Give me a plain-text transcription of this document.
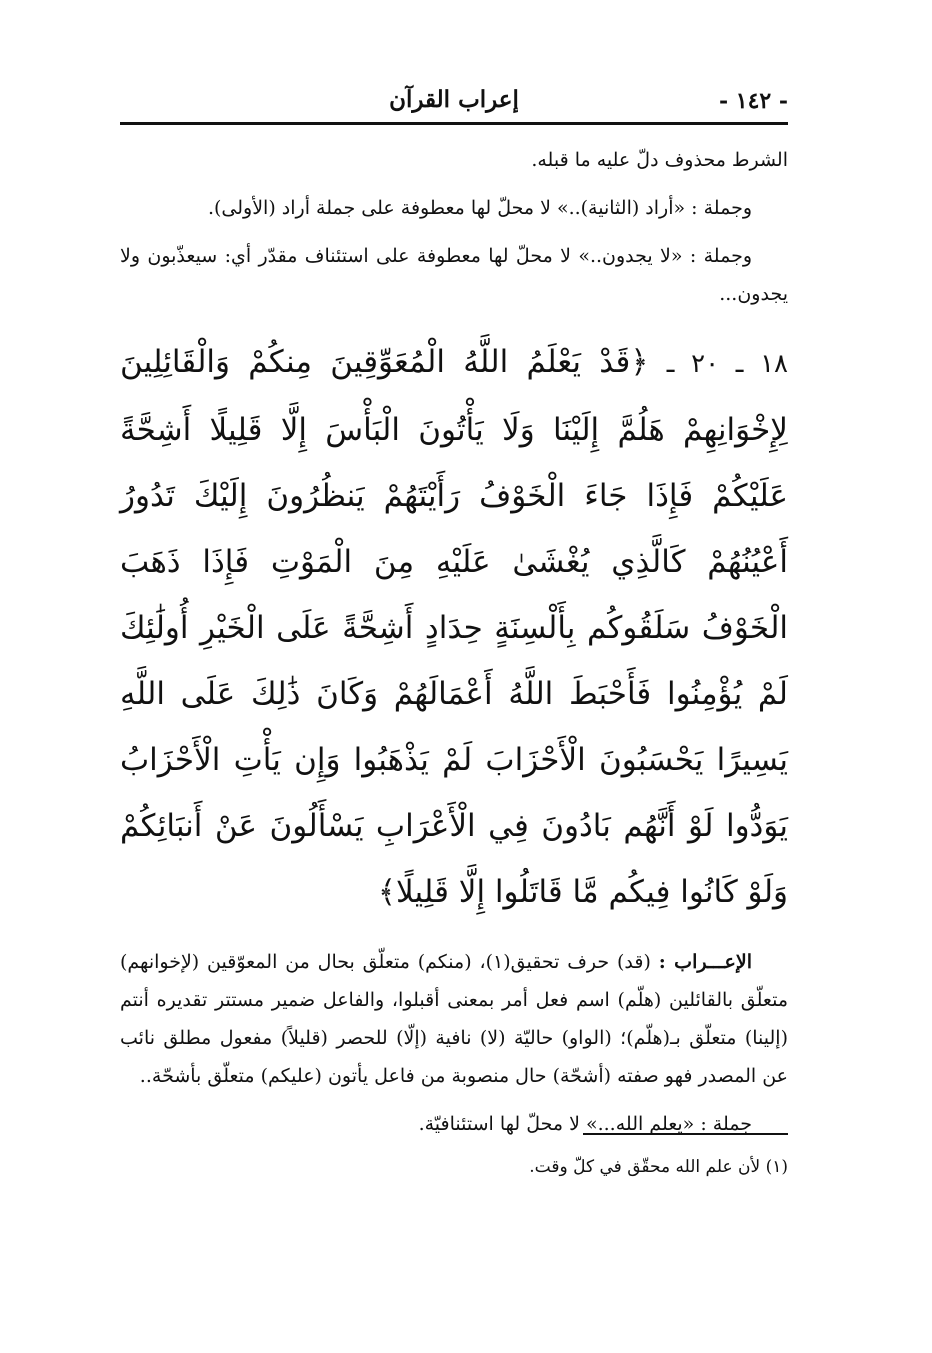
- ١٤٢ -
إعراب القرآن

الشرط محذوف دلّ عليه ما قبله.

وجملة : «أراد (الثانية)..» لا محلّ لها معطوفة على جملة أراد (الأولى).

وجملة : «لا يجدون..» لا محلّ لها معطوفة على استئناف مقدّر أي: سيعذّبون ولا يجدون...

١٨ ـ ٢٠ ـ ﴿قَدْ يَعْلَمُ اللَّهُ الْمُعَوِّقِينَ مِنكُمْ وَالْقَائِلِينَ لِإِخْوَانِهِمْ هَلُمَّ إِلَيْنَا وَلَا يَأْتُونَ الْبَأْسَ إِلَّا قَلِيلًا أَشِحَّةً عَلَيْكُمْ فَإِذَا جَاءَ الْخَوْفُ رَأَيْتَهُمْ يَنظُرُونَ إِلَيْكَ تَدُورُ أَعْيُنُهُمْ كَالَّذِي يُغْشَىٰ عَلَيْهِ مِنَ الْمَوْتِ فَإِذَا ذَهَبَ الْخَوْفُ سَلَقُوكُم بِأَلْسِنَةٍ حِدَادٍ أَشِحَّةً عَلَى الْخَيْرِ أُولَٰئِكَ لَمْ يُؤْمِنُوا فَأَحْبَطَ اللَّهُ أَعْمَالَهُمْ وَكَانَ ذَٰلِكَ عَلَى اللَّهِ يَسِيرًا يَحْسَبُونَ الْأَحْزَابَ لَمْ يَذْهَبُوا وَإِن يَأْتِ الْأَحْزَابُ يَوَدُّوا لَوْ أَنَّهُم بَادُونَ فِي الْأَعْرَابِ يَسْأَلُونَ عَنْ أَنبَائِكُمْ وَلَوْ كَانُوا فِيكُم مَّا قَاتَلُوا إِلَّا قَلِيلًا﴾
الإعـــراب : (قد) حرف تحقيق(١)، (منكم) متعلّق بحال من المعوّقين (لإخوانهم) متعلّق بالقائلين (هلّم) اسم فعل أمر بمعنى أقبلوا، والفاعل ضمير مستتر تقديره أنتم (إلينا) متعلّق بـ(هلّم)؛ (الواو) حاليّة (لا) نافية (إلّا) للحصر (قليلاً) مفعول مطلق نائب عن المصدر فهو صفته (أشحّة) حال منصوبة من فاعل يأتون (عليكم) متعلّق بأشحّة..
جملة : «يعلم الله...» لا محلّ لها استئنافيّة.
(١) لأن علم الله محقّق في كلّ وقت.
